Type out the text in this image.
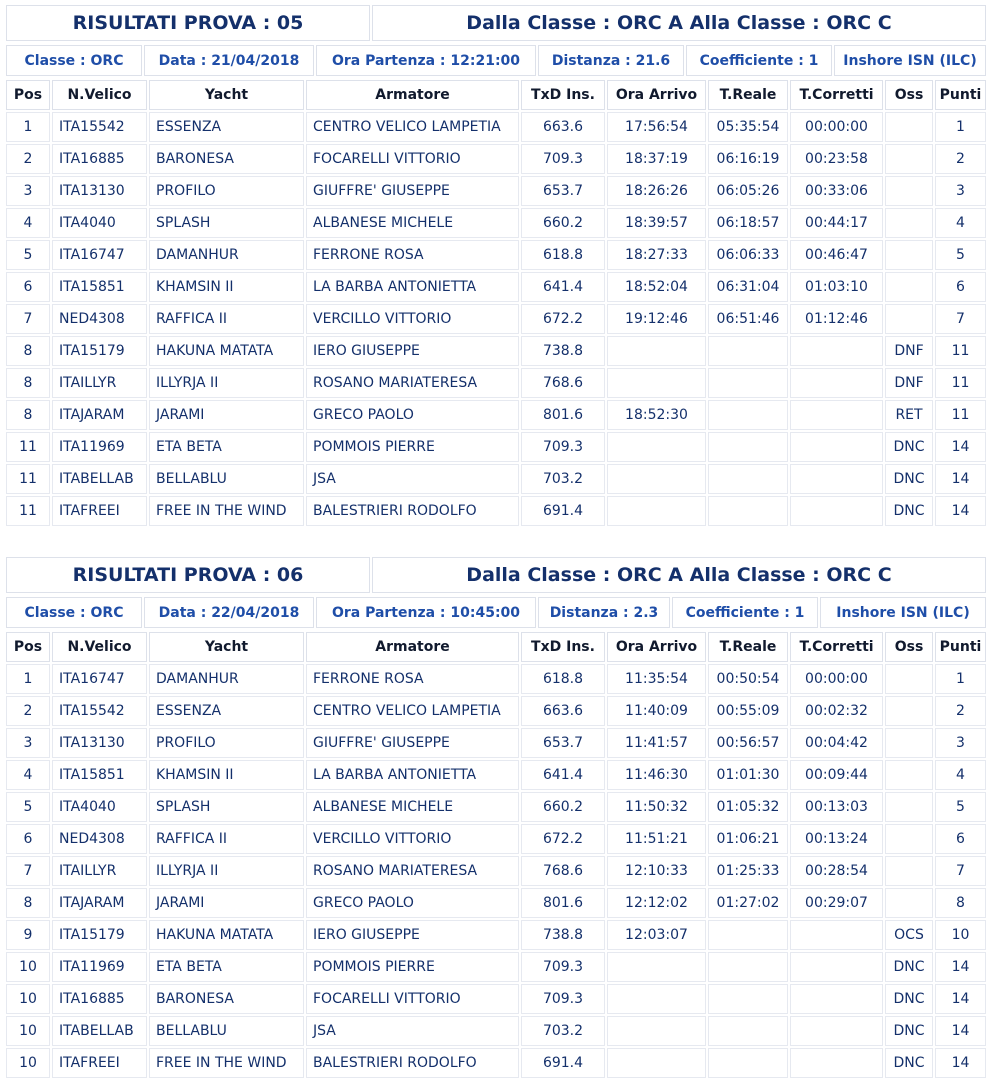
RISULTATI PROVA : 05	Dalla Classe : ORC A Alla Classe : ORC C
Classe : ORC	Data : 21/04/2018	Ora Partenza : 12:21:00	Distanza : 21.6	Coefficiente : 1	Inshore ISN (ILC)
Pos	N.Velico	Yacht	Armatore	TxD Ins.	Ora Arrivo	T.Reale	T.Corretti	Oss	Punti
1	ITA15542	ESSENZA	CENTRO VELICO LAMPETIA	663.6	17:56:54	05:35:54	00:00:00		1
2	ITA16885	BARONESA	FOCARELLI VITTORIO	709.3	18:37:19	06:16:19	00:23:58		2
3	ITA13130	PROFILO	GIUFFRE' GIUSEPPE	653.7	18:26:26	06:05:26	00:33:06		3
4	ITA4040	SPLASH	ALBANESE MICHELE	660.2	18:39:57	06:18:57	00:44:17		4
5	ITA16747	DAMANHUR	FERRONE ROSA	618.8	18:27:33	06:06:33	00:46:47		5
6	ITA15851	KHAMSIN II	LA BARBA ANTONIETTA	641.4	18:52:04	06:31:04	01:03:10		6
7	NED4308	RAFFICA II	VERCILLO VITTORIO	672.2	19:12:46	06:51:46	01:12:46		7
8	ITA15179	HAKUNA MATATA	IERO GIUSEPPE	738.8				DNF	11
8	ITAILLYR	ILLYRJA II	ROSANO MARIATERESA	768.6				DNF	11
8	ITAJARAM	JARAMI	GRECO PAOLO	801.6	18:52:30			RET	11
11	ITA11969	ETA BETA	POMMOIS PIERRE	709.3				DNC	14
11	ITABELLAB	BELLABLU	JSA	703.2				DNC	14
11	ITAFREEI	FREE IN THE WIND	BALESTRIERI RODOLFO	691.4				DNC	14
RISULTATI PROVA : 06	Dalla Classe : ORC A Alla Classe : ORC C
Classe : ORC	Data : 22/04/2018	Ora Partenza : 10:45:00	Distanza : 2.3	Coefficiente : 1	Inshore ISN (ILC)
Pos	N.Velico	Yacht	Armatore	TxD Ins.	Ora Arrivo	T.Reale	T.Corretti	Oss	Punti
1	ITA16747	DAMANHUR	FERRONE ROSA	618.8	11:35:54	00:50:54	00:00:00		1
2	ITA15542	ESSENZA	CENTRO VELICO LAMPETIA	663.6	11:40:09	00:55:09	00:02:32		2
3	ITA13130	PROFILO	GIUFFRE' GIUSEPPE	653.7	11:41:57	00:56:57	00:04:42		3
4	ITA15851	KHAMSIN II	LA BARBA ANTONIETTA	641.4	11:46:30	01:01:30	00:09:44		4
5	ITA4040	SPLASH	ALBANESE MICHELE	660.2	11:50:32	01:05:32	00:13:03		5
6	NED4308	RAFFICA II	VERCILLO VITTORIO	672.2	11:51:21	01:06:21	00:13:24		6
7	ITAILLYR	ILLYRJA II	ROSANO MARIATERESA	768.6	12:10:33	01:25:33	00:28:54		7
8	ITAJARAM	JARAMI	GRECO PAOLO	801.6	12:12:02	01:27:02	00:29:07		8
9	ITA15179	HAKUNA MATATA	IERO GIUSEPPE	738.8	12:03:07			OCS	10
10	ITA11969	ETA BETA	POMMOIS PIERRE	709.3				DNC	14
10	ITA16885	BARONESA	FOCARELLI VITTORIO	709.3				DNC	14
10	ITABELLAB	BELLABLU	JSA	703.2				DNC	14
10	ITAFREEI	FREE IN THE WIND	BALESTRIERI RODOLFO	691.4				DNC	14
